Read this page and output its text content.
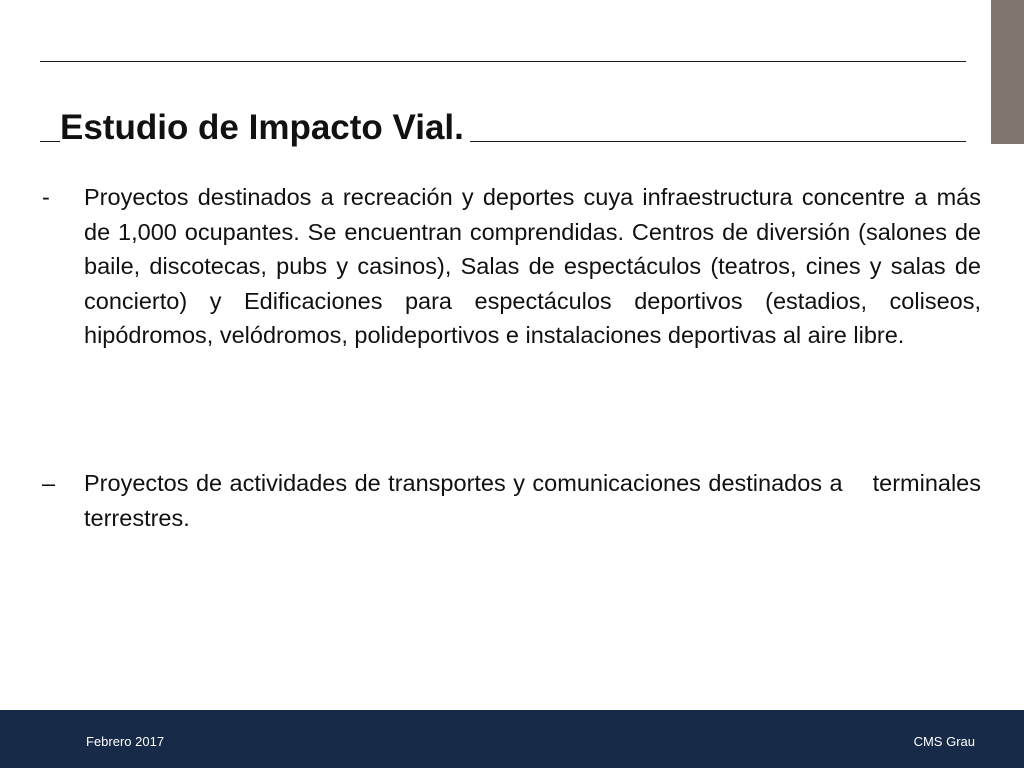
Estudio de Impacto Vial.
-	Proyectos destinados a recreación y deportes cuya infraestructura concentre a más de 1,000 ocupantes. Se encuentran comprendidas. Centros de diversión (salones de baile, discotecas, pubs y casinos), Salas de espectáculos (teatros, cines y salas de concierto) y Edificaciones para espectáculos deportivos (estadios, coliseos, hipódromos, velódromos, polideportivos e instalaciones deportivas al aire libre.

–	Proyectos de actividades de transportes y comunicaciones destinados a terminales terrestres.

Febrero 2017	CMS Grau
